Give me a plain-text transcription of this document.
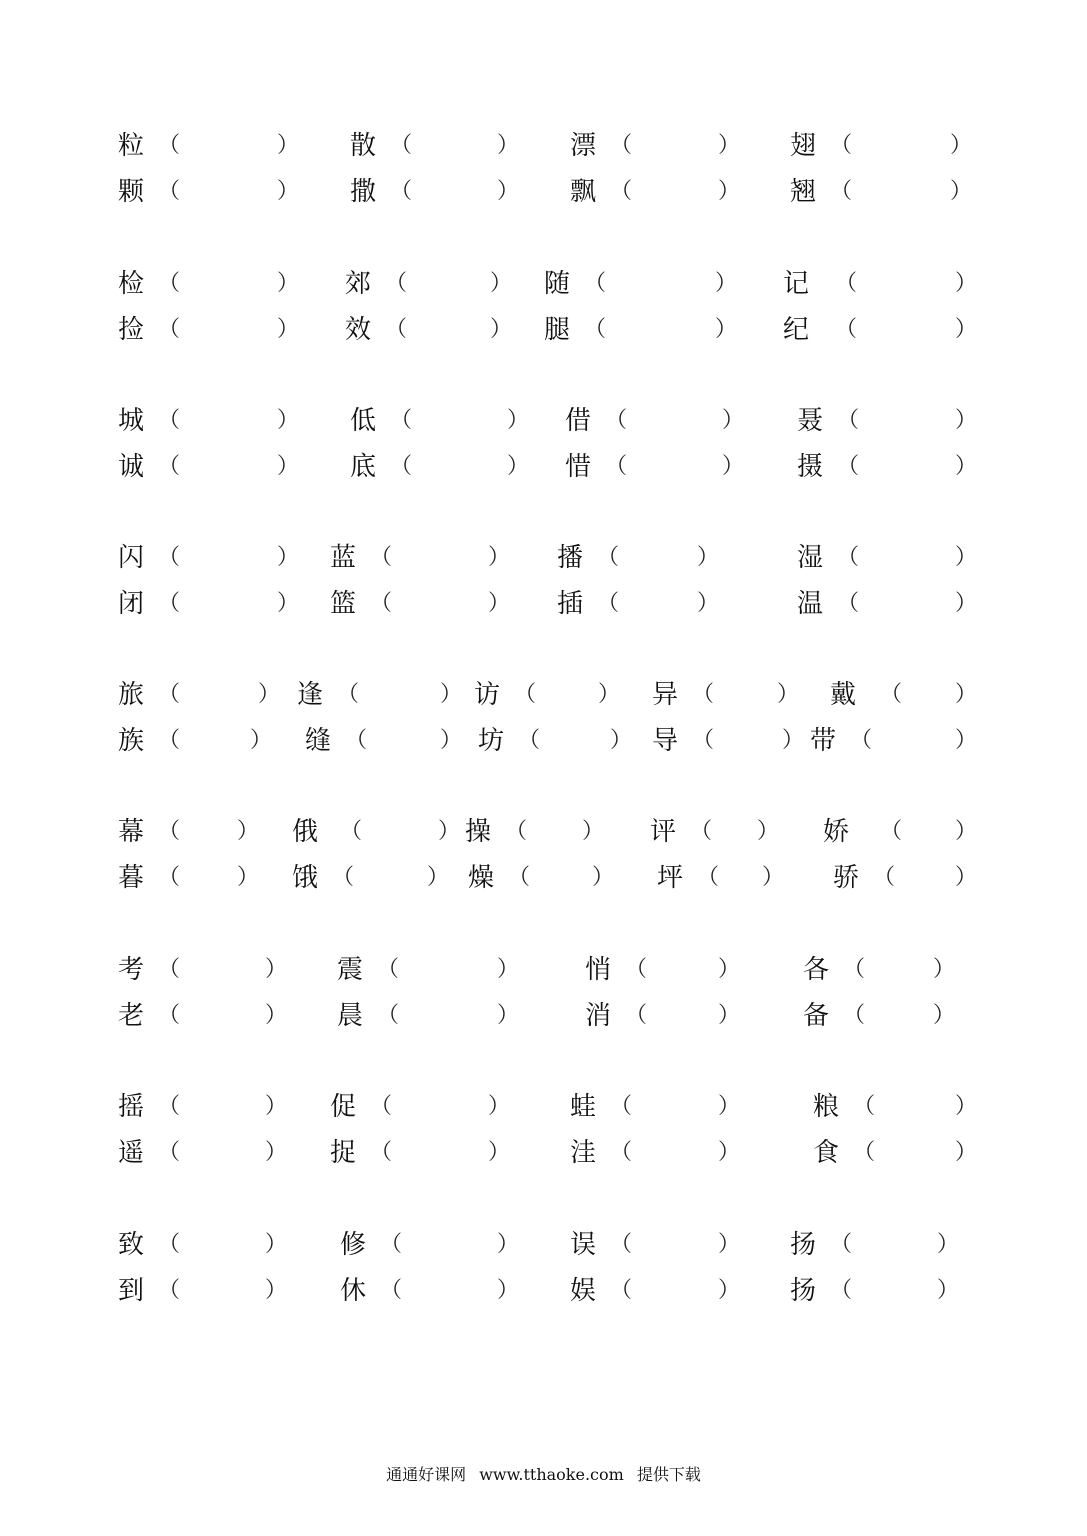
粒 （	） 散 （	） 漂 （	） 翅 （	）
颗 （	） 撒 （	） 飘 （	） 翘 （	）
检 （	） 郊 （	） 随 （	） 记 （	）
捡 （	） 效 （	） 腿 （	） 纪 （	）
城 （	） 低 （	） 借 （	） 聂 （	）
诚 （	） 底 （	） 惜 （	） 摄 （	）
闪 （	） 蓝 （	） 播 （	）	湿 （	）
闭 （	） 篮 （	） 插 （	）	温 （	）
旅 （	） 逢 （	） 访 （	） 异 （	） 戴 （ ）
族 （	） 缝 （	） 坊 （	） 导 （	） 带 （	）
幕 （	） 俄 （	） 操 （ ） 评 （ ） 娇 （ ）
暮 （	） 饿 （	） 燥 （	） 坪 （ ） 骄 （	）
考 （	） 震 （	）	悄 （	） 各 （	）
老 （	） 晨 （	）	消 （	） 备 （	）
摇 （	） 促 （	） 蛙 （	）	粮 （	）
遥 （	） 捉 （	） 洼 （	）	食 （	）
致 （	） 修 （	） 误 （	） 扬 （	）
到 （	） 休 （	） 娱 （	） 扬 （	）
通通好课网 www.tthaoke.com 提供下载
